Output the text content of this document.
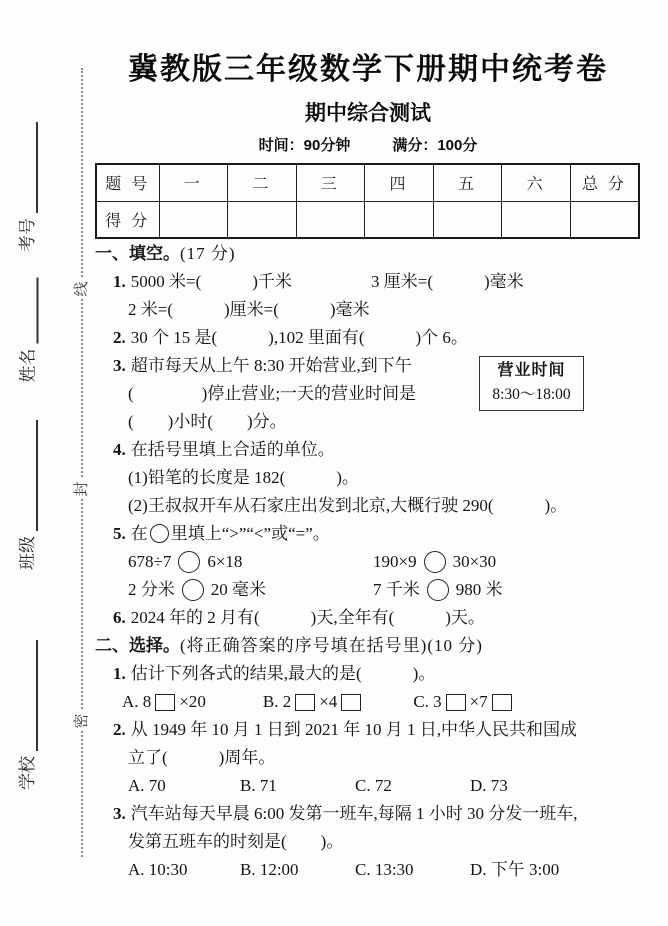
考号
姓名
班级
学校
线
封
密
冀教版三年级数学下册期中统考卷
期中综合测试
时间：90分钟	满分：100分
题 号	一	二	三	四	五	六	总 分
得 分							
一、填空。(17 分)
1. 5000 米=(　　　)千米	3 厘米=(　　　)毫米
2 米=(　　　)厘米=(　　　)毫米
2. 30 个 15 是(　　　),102 里面有(　　　)个 6。
3. 超市每天从上午 8:30 开始营业,到下午
(　　　　)停止营业;一天的营业时间是
(　　)小时(　　)分。
营业时间
8:30～18:00
4. 在括号里填上合适的单位。
(1)铅笔的长度是 182(　　　)。
(2)王叔叔开车从石家庄出发到北京,大概行驶 290(　　　)。
5. 在 里填上“>”“<”或“=”。
678÷7 6×18	190×9 30×30
2 分米 20 毫米	7 千米 980 米
6. 2024 年的 2 月有(　　　)天,全年有(　　　)天。
二、选择。(将正确答案的序号填在括号里)(10 分)
1. 估计下列各式的结果,最大的是(　　　)。
A. 8 ×20	B. 2 ×4	C. 3 ×7
2. 从 1949 年 10 月 1 日到 2021 年 10 月 1 日,中华人民共和国成
立了(　　　)周年。
A. 70	B. 71	C. 72	D. 73
3. 汽车站每天早晨 6:00 发第一班车,每隔 1 小时 30 分发一班车,
发第五班车的时刻是(　　)。
A. 10:30	B. 12:00	C. 13:30	D. 下午 3:00
